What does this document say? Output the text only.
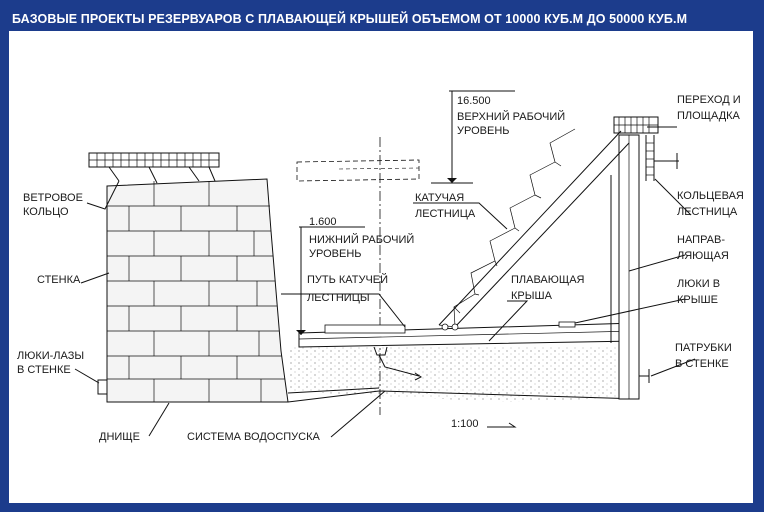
БАЗОВЫЕ ПРОЕКТЫ РЕЗЕРВУАРОВ С ПЛАВАЮЩЕЙ КРЫШЕЙ ОБЪЕМОМ ОТ 10000 КУБ.М ДО 50000 КУБ.М
ВЕТРОВОЕ
КОЛЬЦО
СТЕНКА
ЛЮКИ-ЛАЗЫ
В СТЕНКЕ
ДНИЩЕ	СИСТЕМА ВОДОСПУСКА
16.500
ВЕРХНИЙ РАБОЧИЙ
УРОВЕНЬ
1.600
НИЖНИЙ РАБОЧИЙ
УРОВЕНЬ
КАТУЧАЯ
ЛЕСТНИЦА
ПУТЬ КАТУЧЕЙ
ЛЕСТНИЦЫ
ПЛАВАЮЩАЯ
КРЫША
ПЕРЕХОД И
ПЛОЩАДКА
КОЛЬЦЕВАЯ
ЛЕСТНИЦА
НАПРАВ-
ЛЯЮЩАЯ
ЛЮКИ В
КРЫШЕ
ПАТРУБКИ
В СТЕНКЕ
1:100
